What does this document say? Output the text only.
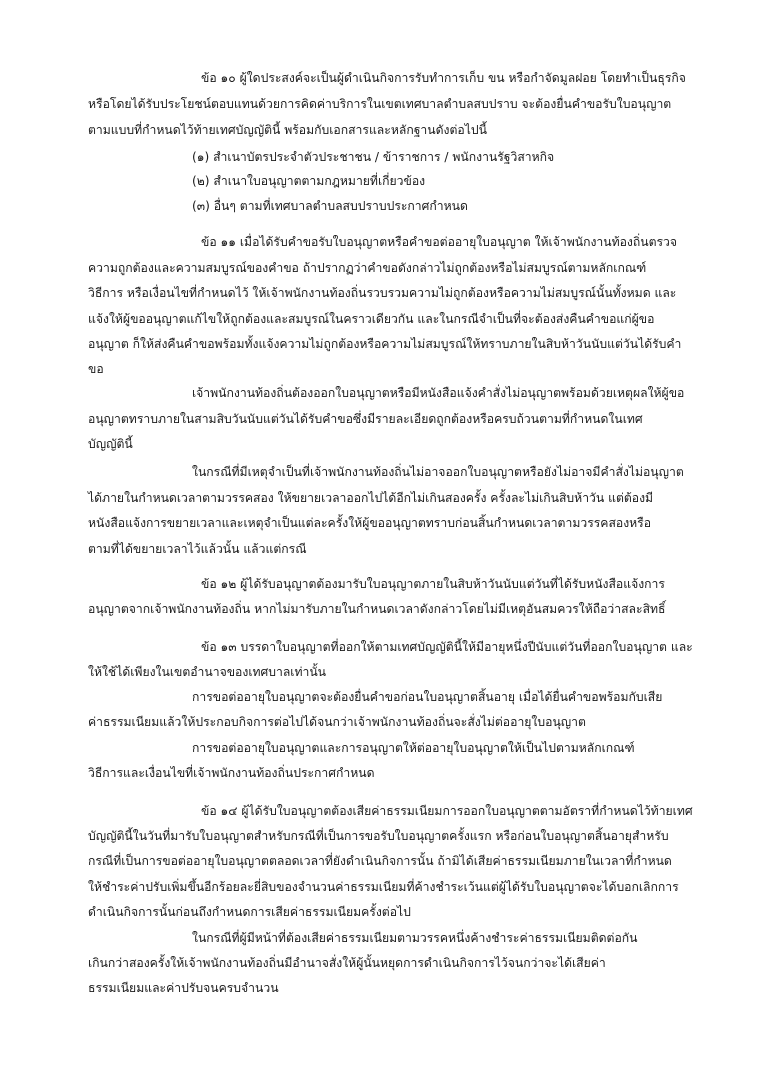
ข้อ ๑๐ ผู้ใดประสงค์จะเป็นผู้ดำเนินกิจการรับทำการเก็บ ขน หรือกำจัดมูลฝอย โดยทำเป็นธุรกิจ
หรือโดยได้รับประโยชน์ตอบแทนด้วยการคิดค่าบริการในเขตเทศบาลตำบลสบปราบ จะต้องยื่นคำขอรับใบอนุญาต
ตามแบบที่กำหนดไว้ท้ายเทศบัญญัตินี้ พร้อมกับเอกสารและหลักฐานดังต่อไปนี้
(๑) สำเนาบัตรประจำตัวประชาชน / ข้าราชการ / พนักงานรัฐวิสาหกิจ
(๒) สำเนาใบอนุญาตตามกฎหมายที่เกี่ยวข้อง
(๓) อื่นๆ ตามที่เทศบาลตำบลสบปราบประกาศกำหนด
ข้อ ๑๑ เมื่อได้รับคำขอรับใบอนุญาตหรือคำขอต่ออายุใบอนุญาต ให้เจ้าพนักงานท้องถิ่นตรวจ
ความถูกต้องและความสมบูรณ์ของคำขอ ถ้าปรากฏว่าคำขอดังกล่าวไม่ถูกต้องหรือไม่สมบูรณ์ตามหลักเกณฑ์
วิธีการ หรือเงื่อนไขที่กำหนดไว้ ให้เจ้าพนักงานท้องถิ่นรวบรวมความไม่ถูกต้องหรือความไม่สมบูรณ์นั้นทั้งหมด และ
แจ้งให้ผู้ขออนุญาตแก้ไขให้ถูกต้องและสมบูรณ์ในคราวเดียวกัน และในกรณีจำเป็นที่จะต้องส่งคืนคำขอแก่ผู้ขอ
อนุญาต ก็ให้ส่งคืนคำขอพร้อมทั้งแจ้งความไม่ถูกต้องหรือความไม่สมบูรณ์ให้ทราบภายในสิบห้าวันนับแต่วันได้รับคำ
ขอ
เจ้าพนักงานท้องถิ่นต้องออกใบอนุญาตหรือมีหนังสือแจ้งคำสั่งไม่อนุญาตพร้อมด้วยเหตุผลให้ผู้ขอ
อนุญาตทราบภายในสามสิบวันนับแต่วันได้รับคำขอซึ่งมีรายละเอียดถูกต้องหรือครบถ้วนตามที่กำหนดในเทศ
บัญญัตินี้
ในกรณีที่มีเหตุจำเป็นที่เจ้าพนักงานท้องถิ่นไม่อาจออกใบอนุญาตหรือยังไม่อาจมีคำสั่งไม่อนุญาต
ได้ภายในกำหนดเวลาตามวรรคสอง ให้ขยายเวลาออกไปได้อีกไม่เกินสองครั้ง ครั้งละไม่เกินสิบห้าวัน แต่ต้องมี
หนังสือแจ้งการขยายเวลาและเหตุจำเป็นแต่ละครั้งให้ผู้ขออนุญาตทราบก่อนสิ้นกำหนดเวลาตามวรรคสองหรือ
ตามที่ได้ขยายเวลาไว้แล้วนั้น แล้วแต่กรณี
ข้อ ๑๒ ผู้ได้รับอนุญาตต้องมารับใบอนุญาตภายในสิบห้าวันนับแต่วันที่ได้รับหนังสือแจ้งการ
อนุญาตจากเจ้าพนักงานท้องถิ่น หากไม่มารับภายในกำหนดเวลาดังกล่าวโดยไม่มีเหตุอันสมควรให้ถือว่าสละสิทธิ์
ข้อ ๑๓ บรรดาใบอนุญาตที่ออกให้ตามเทศบัญญัตินี้ให้มีอายุหนึ่งปีนับแต่วันที่ออกใบอนุญาต และ
ให้ใช้ได้เพียงในเขตอำนาจของเทศบาลเท่านั้น
การขอต่ออายุใบอนุญาตจะต้องยื่นคำขอก่อนใบอนุญาตสิ้นอายุ เมื่อได้ยื่นคำขอพร้อมกับเสีย
ค่าธรรมเนียมแล้วให้ประกอบกิจการต่อไปได้จนกว่าเจ้าพนักงานท้องถิ่นจะสั่งไม่ต่ออายุใบอนุญาต
การขอต่ออายุใบอนุญาตและการอนุญาตให้ต่ออายุใบอนุญาตให้เป็นไปตามหลักเกณฑ์
วิธีการและเงื่อนไขที่เจ้าพนักงานท้องถิ่นประกาศกำหนด
ข้อ ๑๔ ผู้ได้รับใบอนุญาตต้องเสียค่าธรรมเนียมการออกใบอนุญาตตามอัตราที่กำหนดไว้ท้ายเทศ
บัญญัตินี้ในวันที่มารับใบอนุญาตสำหรับกรณีที่เป็นการขอรับใบอนุญาตครั้งแรก หรือก่อนใบอนุญาตสิ้นอายุสำหรับ
กรณีที่เป็นการขอต่ออายุใบอนุญาตตลอดเวลาที่ยังดำเนินกิจการนั้น ถ้ามิได้เสียค่าธรรมเนียมภายในเวลาที่กำหนด
ให้ชำระค่าปรับเพิ่มขึ้นอีกร้อยละยี่สิบของจำนวนค่าธรรมเนียมที่ค้างชำระเว้นแต่ผู้ได้รับใบอนุญาตจะได้บอกเลิกการ
ดำเนินกิจการนั้นก่อนถึงกำหนดการเสียค่าธรรมเนียมครั้งต่อไป
ในกรณีที่ผู้มีหน้าที่ต้องเสียค่าธรรมเนียมตามวรรคหนึ่งค้างชำระค่าธรรมเนียมติดต่อกัน
เกินกว่าสองครั้งให้เจ้าพนักงานท้องถิ่นมีอำนาจสั่งให้ผู้นั้นหยุดการดำเนินกิจการไว้จนกว่าจะได้เสียค่า
ธรรมเนียมและค่าปรับจนครบจำนวน
